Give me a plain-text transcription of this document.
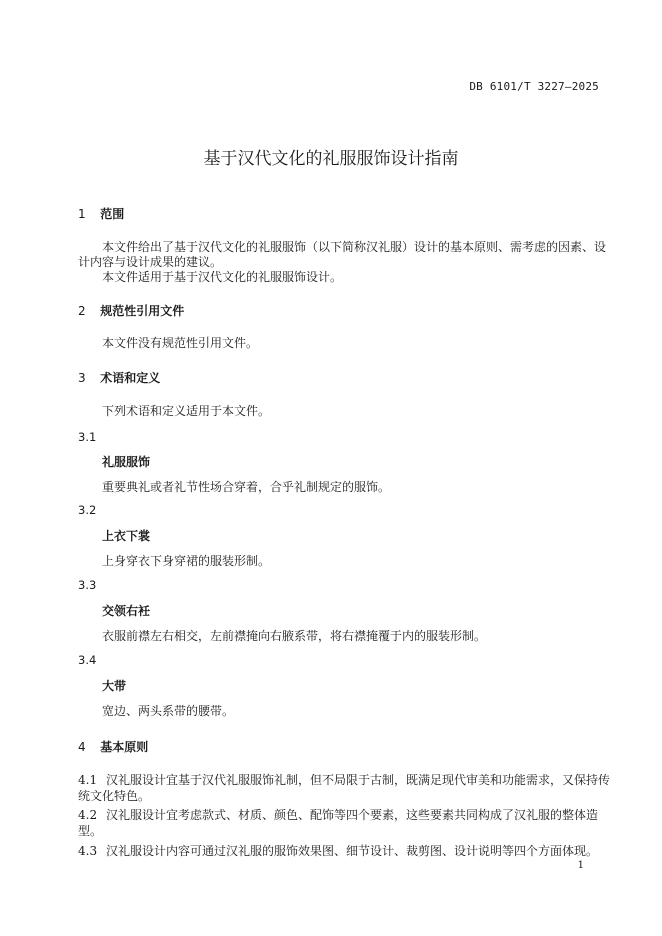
DB 6101/T 3227—2025
基于汉代文化的礼服服饰设计指南
1 范围
本文件给出了基于汉代文化的礼服服饰（以下简称汉礼服）设计的基本原则、需考虑的因素、设
计内容与设计成果的建议。
本文件适用于基于汉代文化的礼服服饰设计。
2 规范性引用文件
本文件没有规范性引用文件。
3 术语和定义
下列术语和定义适用于本文件。
3.1
礼服服饰
重要典礼或者礼节性场合穿着，合乎礼制规定的服饰。
3.2
上衣下裳
上身穿衣下身穿裙的服装形制。
3.3
交领右衽
衣服前襟左右相交，左前襟掩向右腋系带，将右襟掩覆于内的服装形制。
3.4
大带
宽边、两头系带的腰带。
4 基本原则
4.1 汉礼服设计宜基于汉代礼服服饰礼制，但不局限于古制，既满足现代审美和功能需求，又保持传
统文化特色。
4.2 汉礼服设计宜考虑款式、材质、颜色、配饰等四个要素，这些要素共同构成了汉礼服的整体造
型。
4.3 汉礼服设计内容可通过汉礼服的服饰效果图、细节设计、裁剪图、设计说明等四个方面体现。
1
